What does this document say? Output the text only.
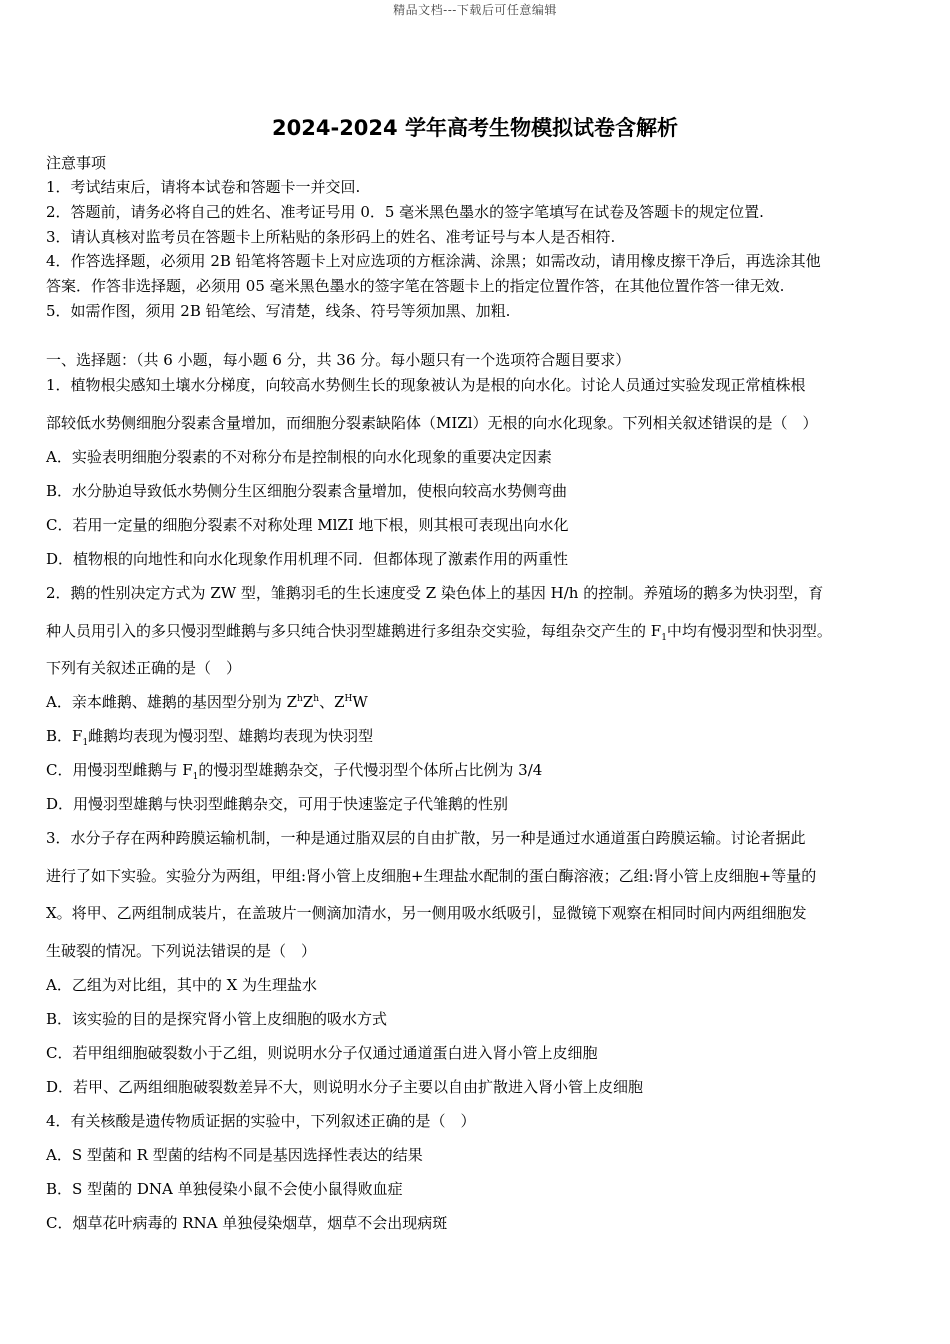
精品文档---下载后可任意编辑
2024-2024 学年高考生物模拟试卷含解析
注意事项
1．考试结束后，请将本试卷和答题卡一并交回.
2．答题前，请务必将自己的姓名、准考证号用 0．5 毫米黑色墨水的签字笔填写在试卷及答题卡的规定位置.
3．请认真核对监考员在答题卡上所粘贴的条形码上的姓名、准考证号与本人是否相符.
4．作答选择题，必须用 2B 铅笔将答题卡上对应选项的方框涂满、涂黑；如需改动，请用橡皮擦干净后，再选涂其他
答案．作答非选择题，必须用 05 毫米黑色墨水的签字笔在答题卡上的指定位置作答，在其他位置作答一律无效.
5．如需作图，须用 2B 铅笔绘、写清楚，线条、符号等须加黑、加粗.
一、选择题：（共 6 小题，每小题 6 分，共 36 分。每小题只有一个选项符合题目要求）
1．植物根尖感知土壤水分梯度，向较高水势侧生长的现象被认为是根的向水化。讨论人员通过实验发现正常植株根
部较低水势侧细胞分裂素含量增加，而细胞分裂素缺陷体（MIZl）无根的向水化现象。下列相关叙述错误的是（　）
A．实验表明细胞分裂素的不对称分布是控制根的向水化现象的重要决定因素
B．水分胁迫导致低水势侧分生区细胞分裂素含量增加，使根向较高水势侧弯曲
C．若用一定量的细胞分裂素不对称处理 MlZI 地下根，则其根可表现出向水化
D．植物根的向地性和向水化现象作用机理不同．但都体现了激素作用的两重性
2．鹅的性别决定方式为 ZW 型，雏鹅羽毛的生长速度受 Z 染色体上的基因 H/h 的控制。养殖场的鹅多为快羽型，育
种人员用引入的多只慢羽型雌鹅与多只纯合快羽型雄鹅进行多组杂交实验，每组杂交产生的 $F_1$中均有慢羽型和快羽型。
下列有关叙述正确的是（　）
A．亲本雌鹅、雄鹅的基因型分别为 $Z^hZ^h$、$Z^HW$
B．$F_1$雌鹅均表现为慢羽型、雄鹅均表现为快羽型
C．用慢羽型雌鹅与 $F_1$的慢羽型雄鹅杂交，子代慢羽型个体所占比例为 3/4
D．用慢羽型雄鹅与快羽型雌鹅杂交，可用于快速鉴定子代雏鹅的性别
3．水分子存在两种跨膜运输机制，一种是通过脂双层的自由扩散，另一种是通过水通道蛋白跨膜运输。讨论者据此
进行了如下实验。实验分为两组，甲组:肾小管上皮细胞+生理盐水配制的蛋白酶溶液；乙组:肾小管上皮细胞+等量的
X。将甲、乙两组制成装片，在盖玻片一侧滴加清水，另一侧用吸水纸吸引，显微镜下观察在相同时间内两组细胞发
生破裂的情况。下列说法错误的是（　）
A．乙组为对比组，其中的 X 为生理盐水
B．该实验的目的是探究肾小管上皮细胞的吸水方式
C．若甲组细胞破裂数小于乙组，则说明水分子仅通过通道蛋白进入肾小管上皮细胞
D．若甲、乙两组细胞破裂数差异不大，则说明水分子主要以自由扩散进入肾小管上皮细胞
4．有关核酸是遗传物质证据的实验中，下列叙述正确的是（　）
A．S 型菌和 R 型菌的结构不同是基因选择性表达的结果
B．S 型菌的 DNA 单独侵染小鼠不会使小鼠得败血症
C．烟草花叶病毒的 RNA 单独侵染烟草，烟草不会出现病斑
